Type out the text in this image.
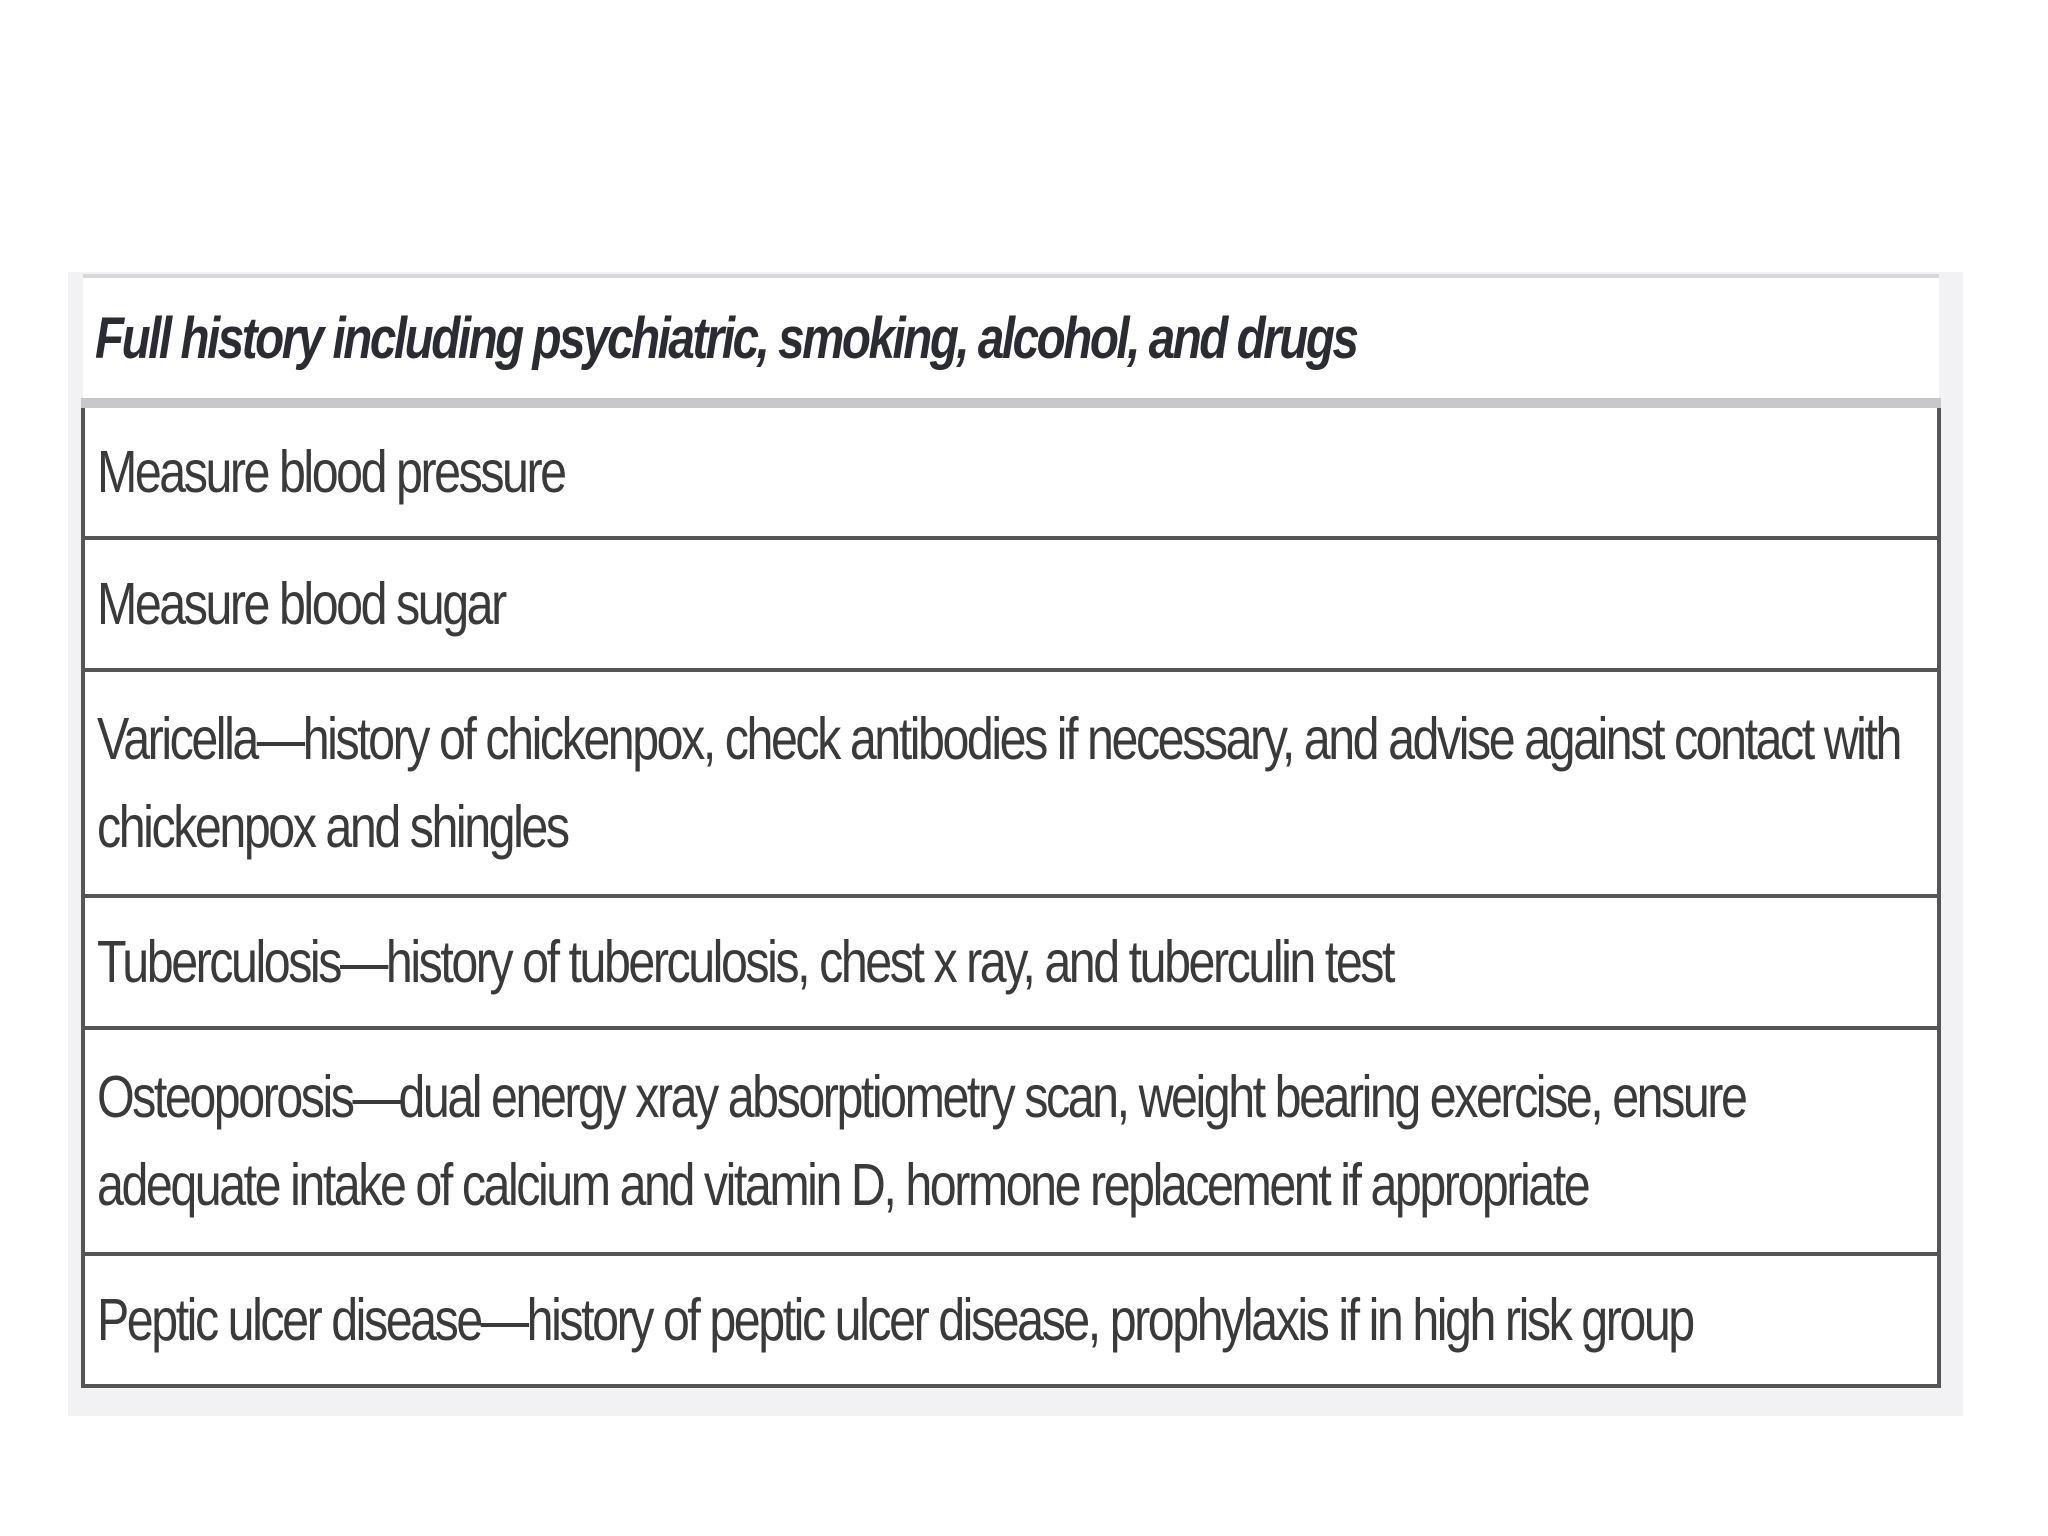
Full history including psychiatric, smoking, alcohol, and drugs

Measure blood pressure

Measure blood sugar

Varicella—history of chickenpox, check antibodies if necessary, and advise against contact with chickenpox and shingles

Tuberculosis—history of tuberculosis, chest x ray, and tuberculin test

Osteoporosis—dual energy xray absorptiometry scan, weight bearing exercise, ensure adequate intake of calcium and vitamin D, hormone replacement if appropriate

Peptic ulcer disease—history of peptic ulcer disease, prophylaxis if in high risk group
